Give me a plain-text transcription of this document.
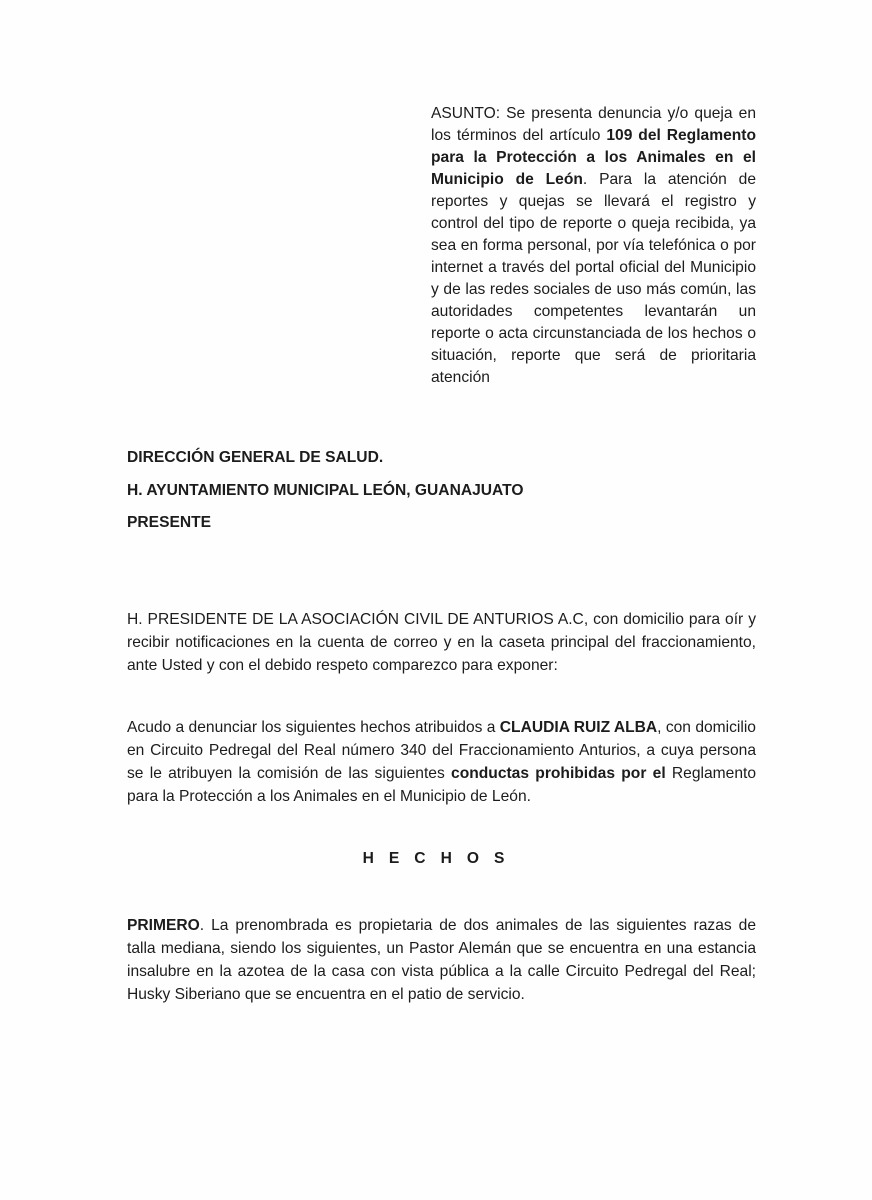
ASUNTO: Se presenta denuncia y/o queja en los términos del artículo 109 del Reglamento para la Protección a los Animales en el Municipio de León. Para la atención de reportes y quejas se llevará el registro y control del tipo de reporte o queja recibida, ya sea en forma personal, por vía telefónica o por internet a través del portal oficial del Municipio y de las redes sociales de uso más común, las autoridades competentes levantarán un reporte o acta circunstanciada de los hechos o situación, reporte que será de prioritaria atención
DIRECCIÓN GENERAL DE SALUD.
H. AYUNTAMIENTO MUNICIPAL LEÓN, GUANAJUATO
PRESENTE
H. PRESIDENTE DE LA ASOCIACIÓN CIVIL DE ANTURIOS A.C, con domicilio para oír y recibir notificaciones en la cuenta de correo y en la caseta principal del fraccionamiento, ante Usted y con el debido respeto comparezco para exponer:
Acudo a denunciar los siguientes hechos atribuidos a CLAUDIA RUIZ ALBA, con domicilio en Circuito Pedregal del Real número 340 del Fraccionamiento Anturios, a cuya persona se le atribuyen la comisión de las siguientes conductas prohibidas por el Reglamento para la Protección a los Animales en el Municipio de León.
HECHOS
PRIMERO. La prenombrada es propietaria de dos animales de las siguientes razas de talla mediana, siendo los siguientes, un Pastor Alemán que se encuentra en una estancia insalubre en la azotea de la casa con vista pública a la calle Circuito Pedregal del Real; Husky Siberiano que se encuentra en el patio de servicio.
